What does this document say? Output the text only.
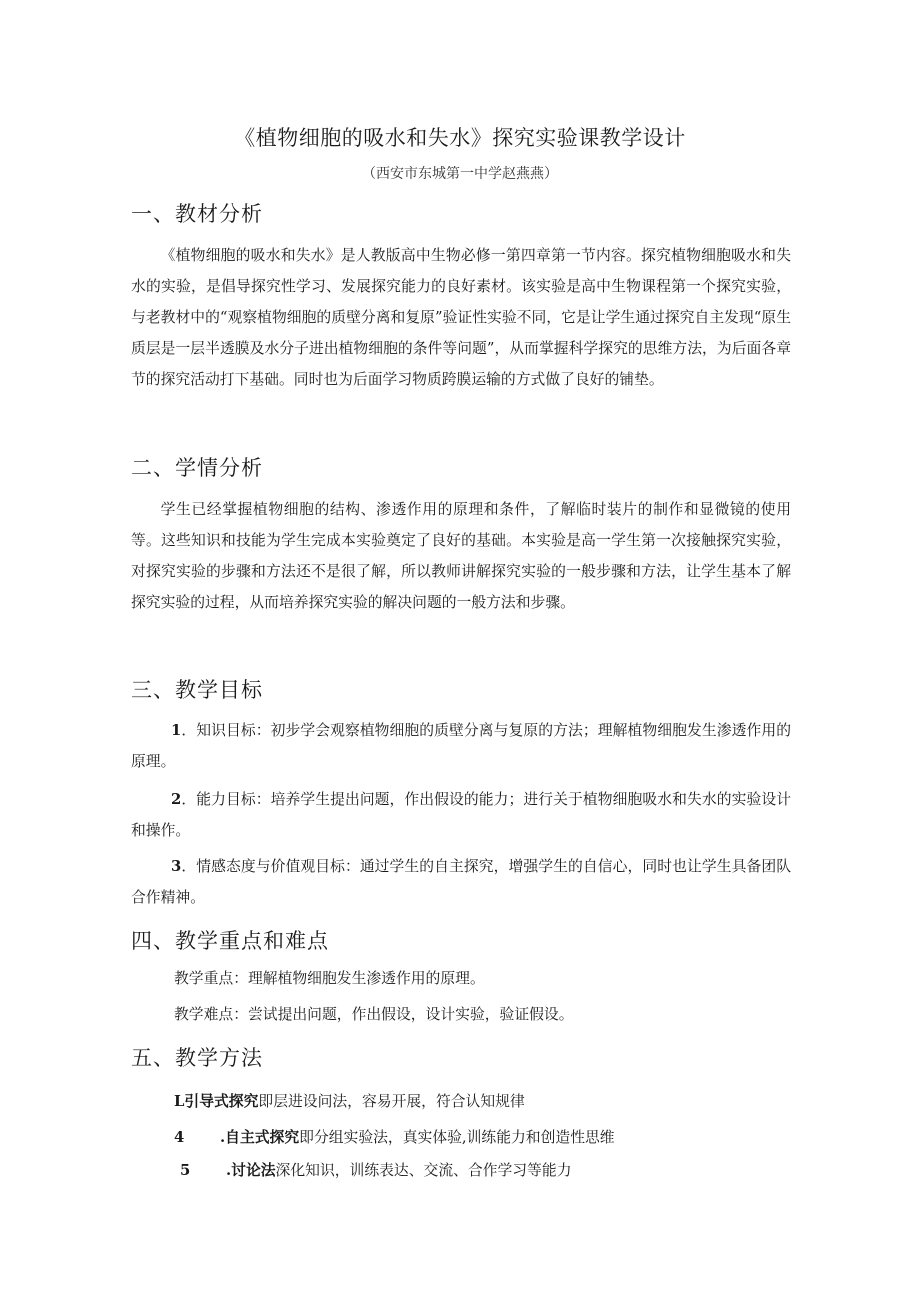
《植物细胞的吸水和失水》探究实验课教学设计
（西安市东城第一中学赵燕燕）
一、教材分析
《植物细胞的吸水和失水》是人教版高中生物必修一第四章第一节内容。探究植物细胞吸水和失水的实验，是倡导探究性学习、发展探究能力的良好素材。该实验是高中生物课程第一个探究实验，与老教材中的“观察植物细胞的质壁分离和复原”验证性实验不同，它是让学生通过探究自主发现“原生质层是一层半透膜及水分子进出植物细胞的条件等问题”，从而掌握科学探究的思维方法，为后面各章节的探究活动打下基础。同时也为后面学习物质跨膜运输的方式做了良好的铺垫。
二、学情分析
学生已经掌握植物细胞的结构、渗透作用的原理和条件，了解临时装片的制作和显微镜的使用等。这些知识和技能为学生完成本实验奠定了良好的基础。本实验是高一学生第一次接触探究实验，对探究实验的步骤和方法还不是很了解，所以教师讲解探究实验的一般步骤和方法，让学生基本了解探究实验的过程，从而培养探究实验的解决问题的一般方法和步骤。
三、教学目标
1．知识目标：初步学会观察植物细胞的质壁分离与复原的方法；理解植物细胞发生渗透作用的原理。
2．能力目标：培养学生提出问题，作出假设的能力；进行关于植物细胞吸水和失水的实验设计和操作。
3．情感态度与价值观目标：通过学生的自主探究，增强学生的自信心，同时也让学生具备团队合作精神。
四、教学重点和难点
教学重点：理解植物细胞发生渗透作用的原理。
教学难点：尝试提出问题，作出假设，设计实验，验证假设。
五、教学方法
L引导式探究即层进设问法，容易开展，符合认知规律
4 .自主式探究即分组实验法，真实体验,训练能力和创造性思维
5 .讨论法深化知识，训练表达、交流、合作学习等能力
